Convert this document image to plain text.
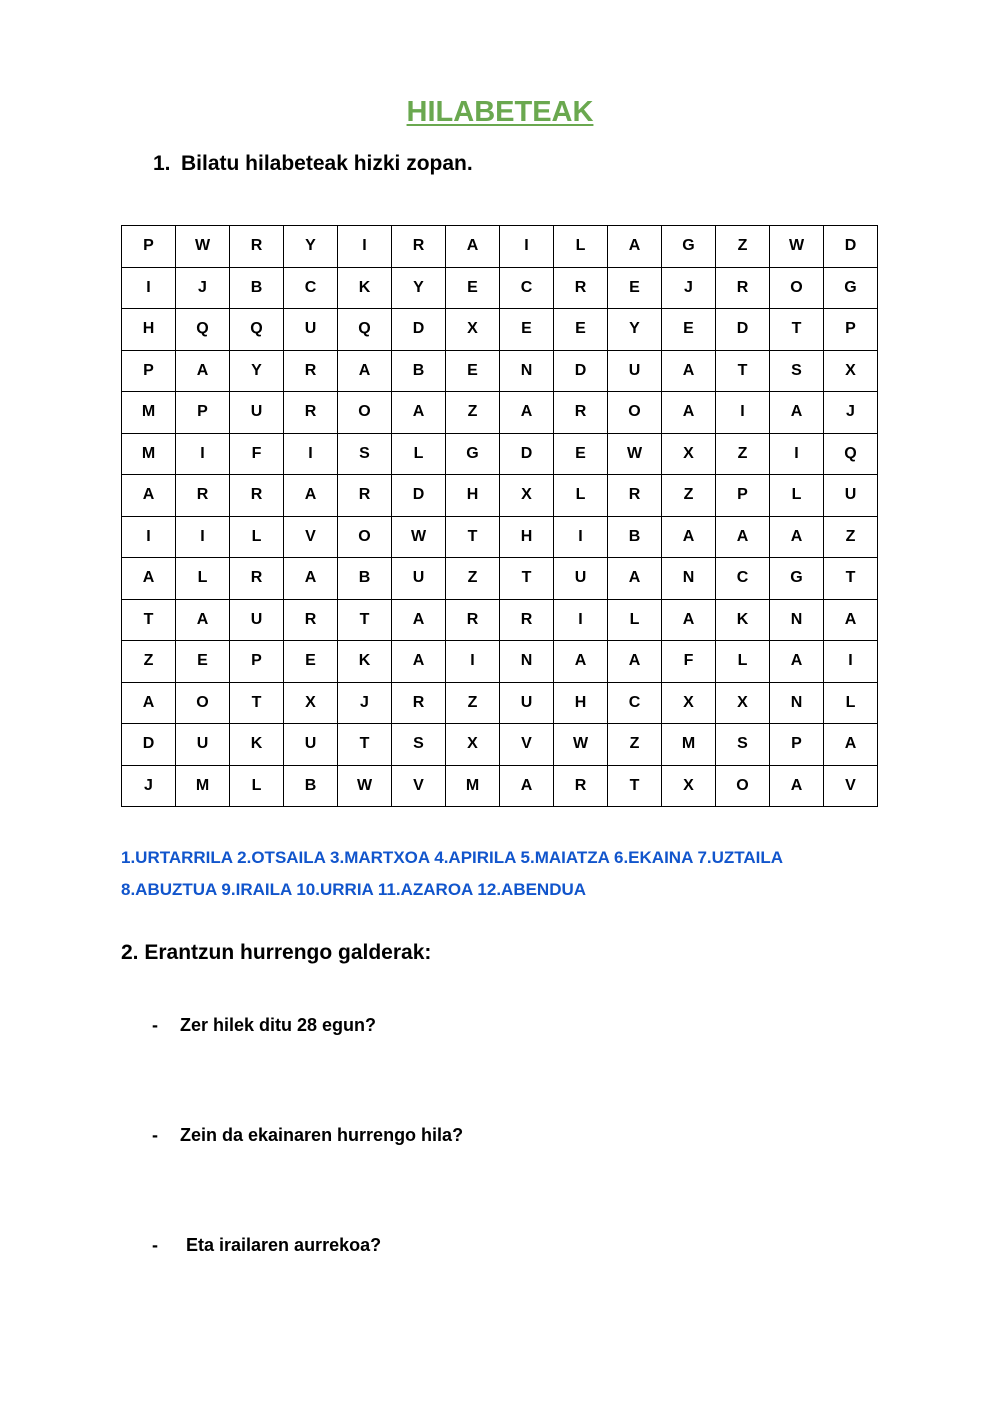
HILABETEAK

1. Bilatu hilabeteak hizki zopan.

P	W	R	Y	I	R	A	I	L	A	G	Z	W	D
I	J	B	C	K	Y	E	C	R	E	J	R	O	G
H	Q	Q	U	Q	D	X	E	E	Y	E	D	T	P
P	A	Y	R	A	B	E	N	D	U	A	T	S	X
M	P	U	R	O	A	Z	A	R	O	A	I	A	J
M	I	F	I	S	L	G	D	E	W	X	Z	I	Q
A	R	R	A	R	D	H	X	L	R	Z	P	L	U
I	I	L	V	O	W	T	H	I	B	A	A	A	Z
A	L	R	A	B	U	Z	T	U	A	N	C	G	T
T	A	U	R	T	A	R	R	I	L	A	K	N	A
Z	E	P	E	K	A	I	N	A	A	F	L	A	I
A	O	T	X	J	R	Z	U	H	C	X	X	N	L
D	U	K	U	T	S	X	V	W	Z	M	S	P	A
J	M	L	B	W	V	M	A	R	T	X	O	A	V
1.URTARRILA 2.OTSAILA 3.MARTXOA 4.APIRILA 5.MAIATZA 6.EKAINA 7.UZTAILA
8.ABUZTUA 9.IRAILA 10.URRIA 11.AZAROA 12.ABENDUA

2. Erantzun hurrengo galderak:

- Zer hilek ditu 28 egun?
- Zein da ekainaren hurrengo hila?
- Eta irailaren aurrekoa?
